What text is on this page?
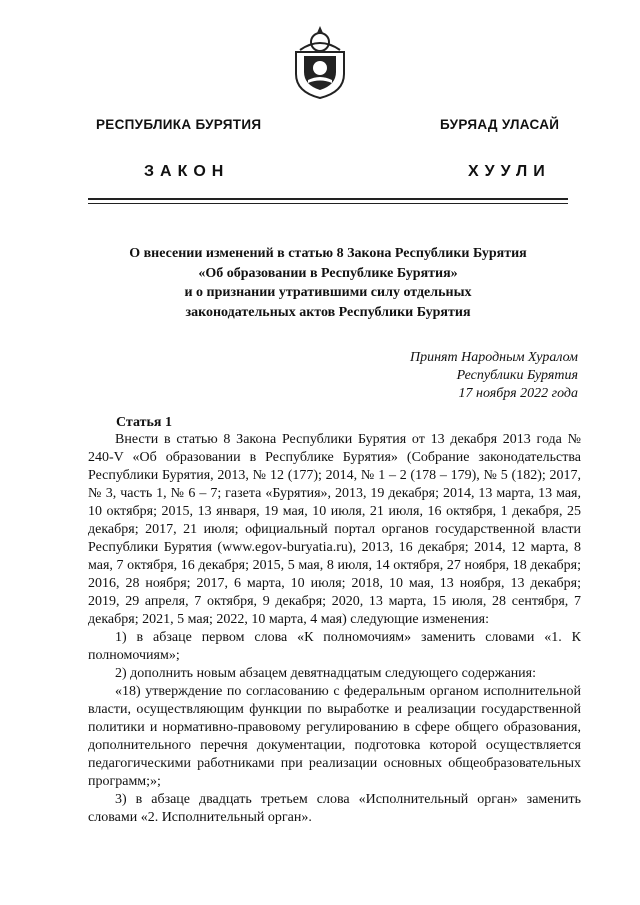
РЕСПУБЛИКА БУРЯТИЯ	БУРЯАД УЛАСАЙ
ЗАКОН	ХУУЛИ
О внесении изменений в статью 8 Закона Республики Бурятия
«Об образовании в Республике Бурятия»
и о признании утратившими силу отдельных
законодательных актов Республики Бурятия
Принят Народным Хуралом
Республики Бурятия
17 ноября 2022 года
Статья 1

Внести в статью 8 Закона Республики Бурятия от 13 декабря 2013 года № 240-V «Об образовании в Республике Бурятия» (Собрание законодательства Республики Бурятия, 2013, № 12 (177); 2014, № 1 – 2 (178 – 179), № 5 (182); 2017, № 3, часть 1, № 6 – 7; газета «Бурятия», 2013, 19 декабря; 2014, 13 марта, 13 мая, 10 октября; 2015, 13 января, 19 мая, 10 июля, 21 июля, 16 октября, 1 декабря, 25 декабря; 2017, 21 июля; официальный портал органов государственной власти Республики Бурятия (www.egov-buryatia.ru), 2013, 16 декабря; 2014, 12 марта, 8 мая, 7 октября, 16 декабря; 2015, 5 мая, 8 июля, 14 октября, 27 ноября, 18 декабря; 2016, 28 ноября; 2017, 6 марта, 10 июля; 2018, 10 мая, 13 ноября, 13 декабря; 2019, 29 апреля, 7 октября, 9 декабря; 2020, 13 марта, 15 июля, 28 сентября, 7 декабря; 2021, 5 мая; 2022, 10 марта, 4 мая) следующие изменения:

1) в абзаце первом слова «К полномочиям» заменить словами «1. К полномочиям»;

2) дополнить новым абзацем девятнадцатым следующего содержания:

«18) утверждение по согласованию с федеральным органом исполнительной власти, осуществляющим функции по выработке и реализации государственной политики и нормативно-правовому регулированию в сфере общего образования, дополнительного перечня документации, подготовка которой осуществляется педагогическими работниками при реализации основных общеобразовательных программ;»;

3) в абзаце двадцать третьем слова «Исполнительный орган» заменить словами «2. Исполнительный орган».
